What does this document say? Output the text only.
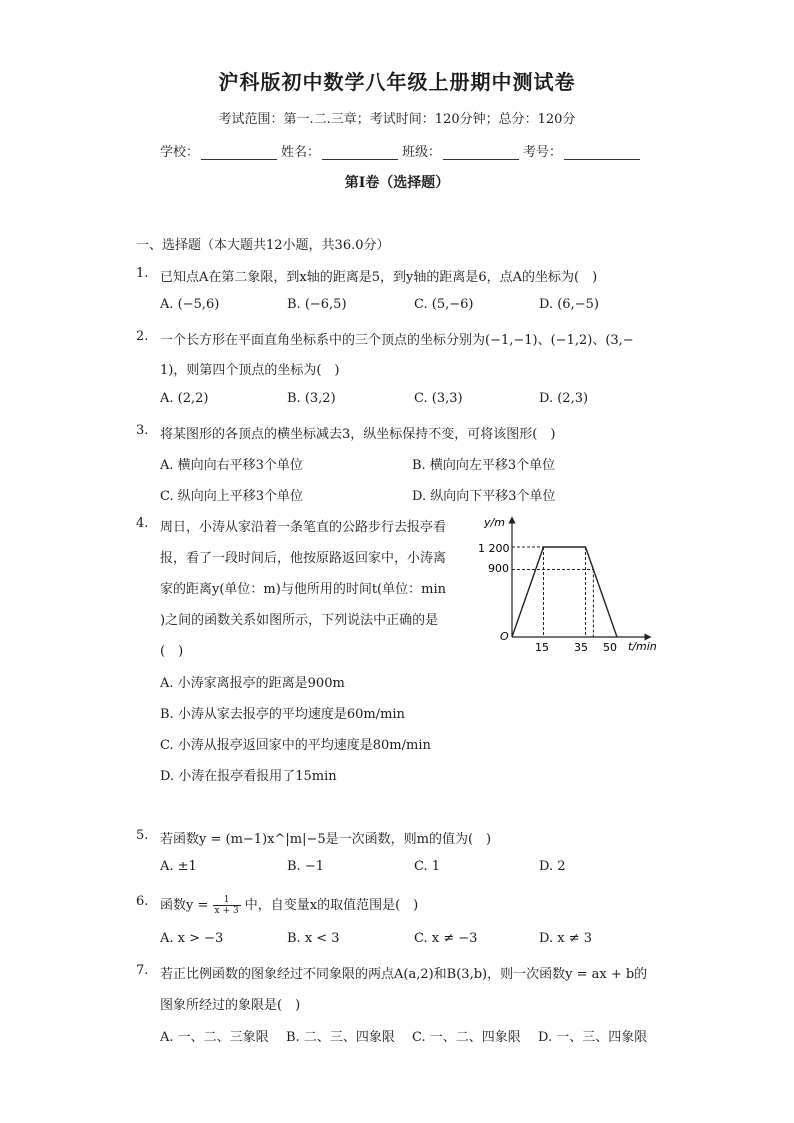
沪科版初中数学八年级上册期中测试卷
考试范围：第一.二.三章；考试时间：120分钟；总分：120分
学校：	姓名：	班级：	考号：
第Ⅰ卷（选择题）
一、选择题（本大题共12小题，共36.0分）
1. 已知点A在第二象限，到x轴的距离是5，到y轴的距离是6，点A的坐标为(　)
A. (−5,6)	B. (−6,5)	C. (5,−6)	D. (6,−5)
2. 一个长方形在平面直角坐标系中的三个顶点的坐标分别为(−1,−1)、(−1,2)、(3,−
1)，则第四个顶点的坐标为(　)
A. (2,2)	B. (3,2)	C. (3,3)	D. (2,3)
3. 将某图形的各顶点的横坐标减去3，纵坐标保持不变，可将该图形(　)
A. 横向向右平移3个单位	B. 横向向左平移3个单位
C. 纵向向上平移3个单位	D. 纵向向下平移3个单位
4. 周日，小涛从家沿着一条笔直的公路步行去报亭看
报，看了一段时间后，他按原路返回家中，小涛离
家的距离y(单位：m)与他所用的时间t(单位：min
)之间的函数关系如图所示，下列说法中正确的是
(　)
A. 小涛家离报亭的距离是900m
B. 小涛从家去报亭的平均速度是60m/min
C. 小涛从报亭返回家中的平均速度是80m/min
D. 小涛在报亭看报用了15min
y/m
t/min
O
1 200
900
15 35 50
5. 若函数y = (m−1)x^|m|−5是一次函数，则m的值为(　)
A. ±1	B. −1	C. 1	D. 2
6. 函数$y = \frac{1}{x + 3}$ 中，自变量x的取值范围是(　)
A. x > −3	B. x < 3	C. x ≠ −3	D. x ≠ 3
7. 若正比例函数的图象经过不同象限的两点A(a,2)和B(3,b)，则一次函数y = ax + b的
图象所经过的象限是(　)
A. 一、二、三象限 B. 二、三、四象限 C. 一、二、四象限 D. 一、三、四象限
